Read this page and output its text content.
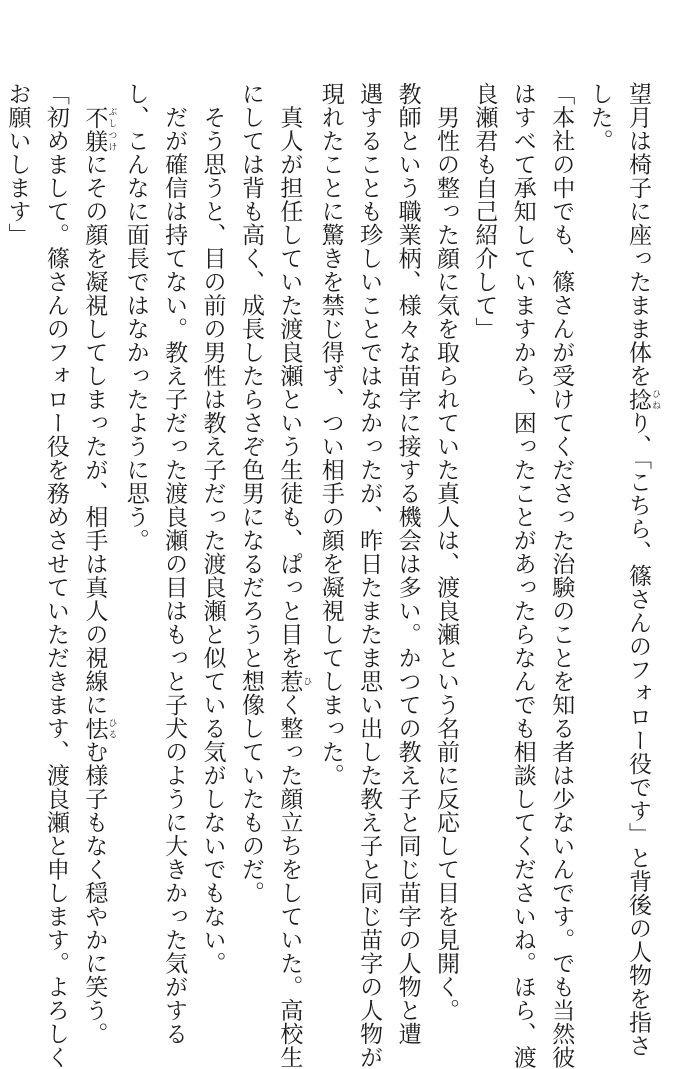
望月は椅子に座ったまま体を捻 ひねり、「こちら、篠さんのフォロー役です」と背後の人物を指さ
した。
「本社の中でも、篠さんが受けてくださった治験のことを知る者は少ないんです。でも当然彼
はすべて承知していますから、困ったことがあったらなんでも相談してくださいね。ほら、渡
良瀬君も自己紹介して」
　男性の整った顔に気を取られていた真人は、渡良瀬という名前に反応して目を見開く。
教師という職業柄、様々な苗字に接する機会は多い。かつての教え子と同じ苗字の人物と遭
遇することも珍しいことではなかったが、昨日たまたま思い出した教え子と同じ苗字の人物が
現れたことに驚きを禁じ得ず、つい相手の顔を凝視してしまった。
　真人が担任していた渡良瀬という生徒も、ぱっと目を惹 ひく整った顔立ちをしていた。高校生
にしては背も高く、成長したらさぞ色男になるだろうと想像していたものだ。
　そう思うと、目の前の男性は教え子だった渡良瀬と似ている気がしないでもない。
　だが確信は持てない。教え子だった渡良瀬の目はもっと子犬のように大きかった気がする
し、こんなに面長ではなかったように思う。
　不躾 ぶしつけにその顔を凝視してしまったが、相手は真人の視線に怯 ひるむ様子もなく穏やかに笑う。
「初めまして。篠さんのフォロー役を務めさせていただきます、渡良瀬と申します。よろしく
お願いします」
